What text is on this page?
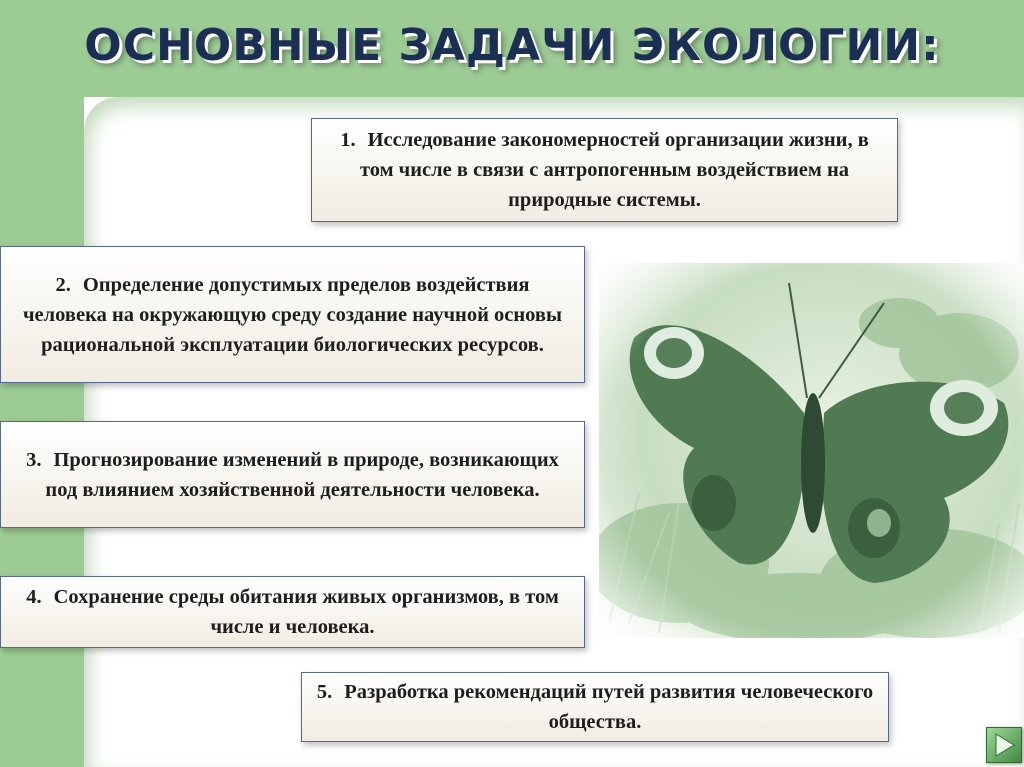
ОСНОВНЫЕ ЗАДАЧИ ЭКОЛОГИИ:
1. Исследование закономерностей организации жизни, в том числе в связи с антропогенным воздействием на природные системы.
2. Определение допустимых пределов воздействия человека на окружающую среду создание научной основы рациональной эксплуатации биологических ресурсов.
3. Прогнозирование изменений в природе, возникающих под влиянием хозяйственной деятельности человека.
4. Сохранение среды обитания живых организмов, в том числе и человека.
5. Разработка рекомендаций путей развития человеческого общества.
